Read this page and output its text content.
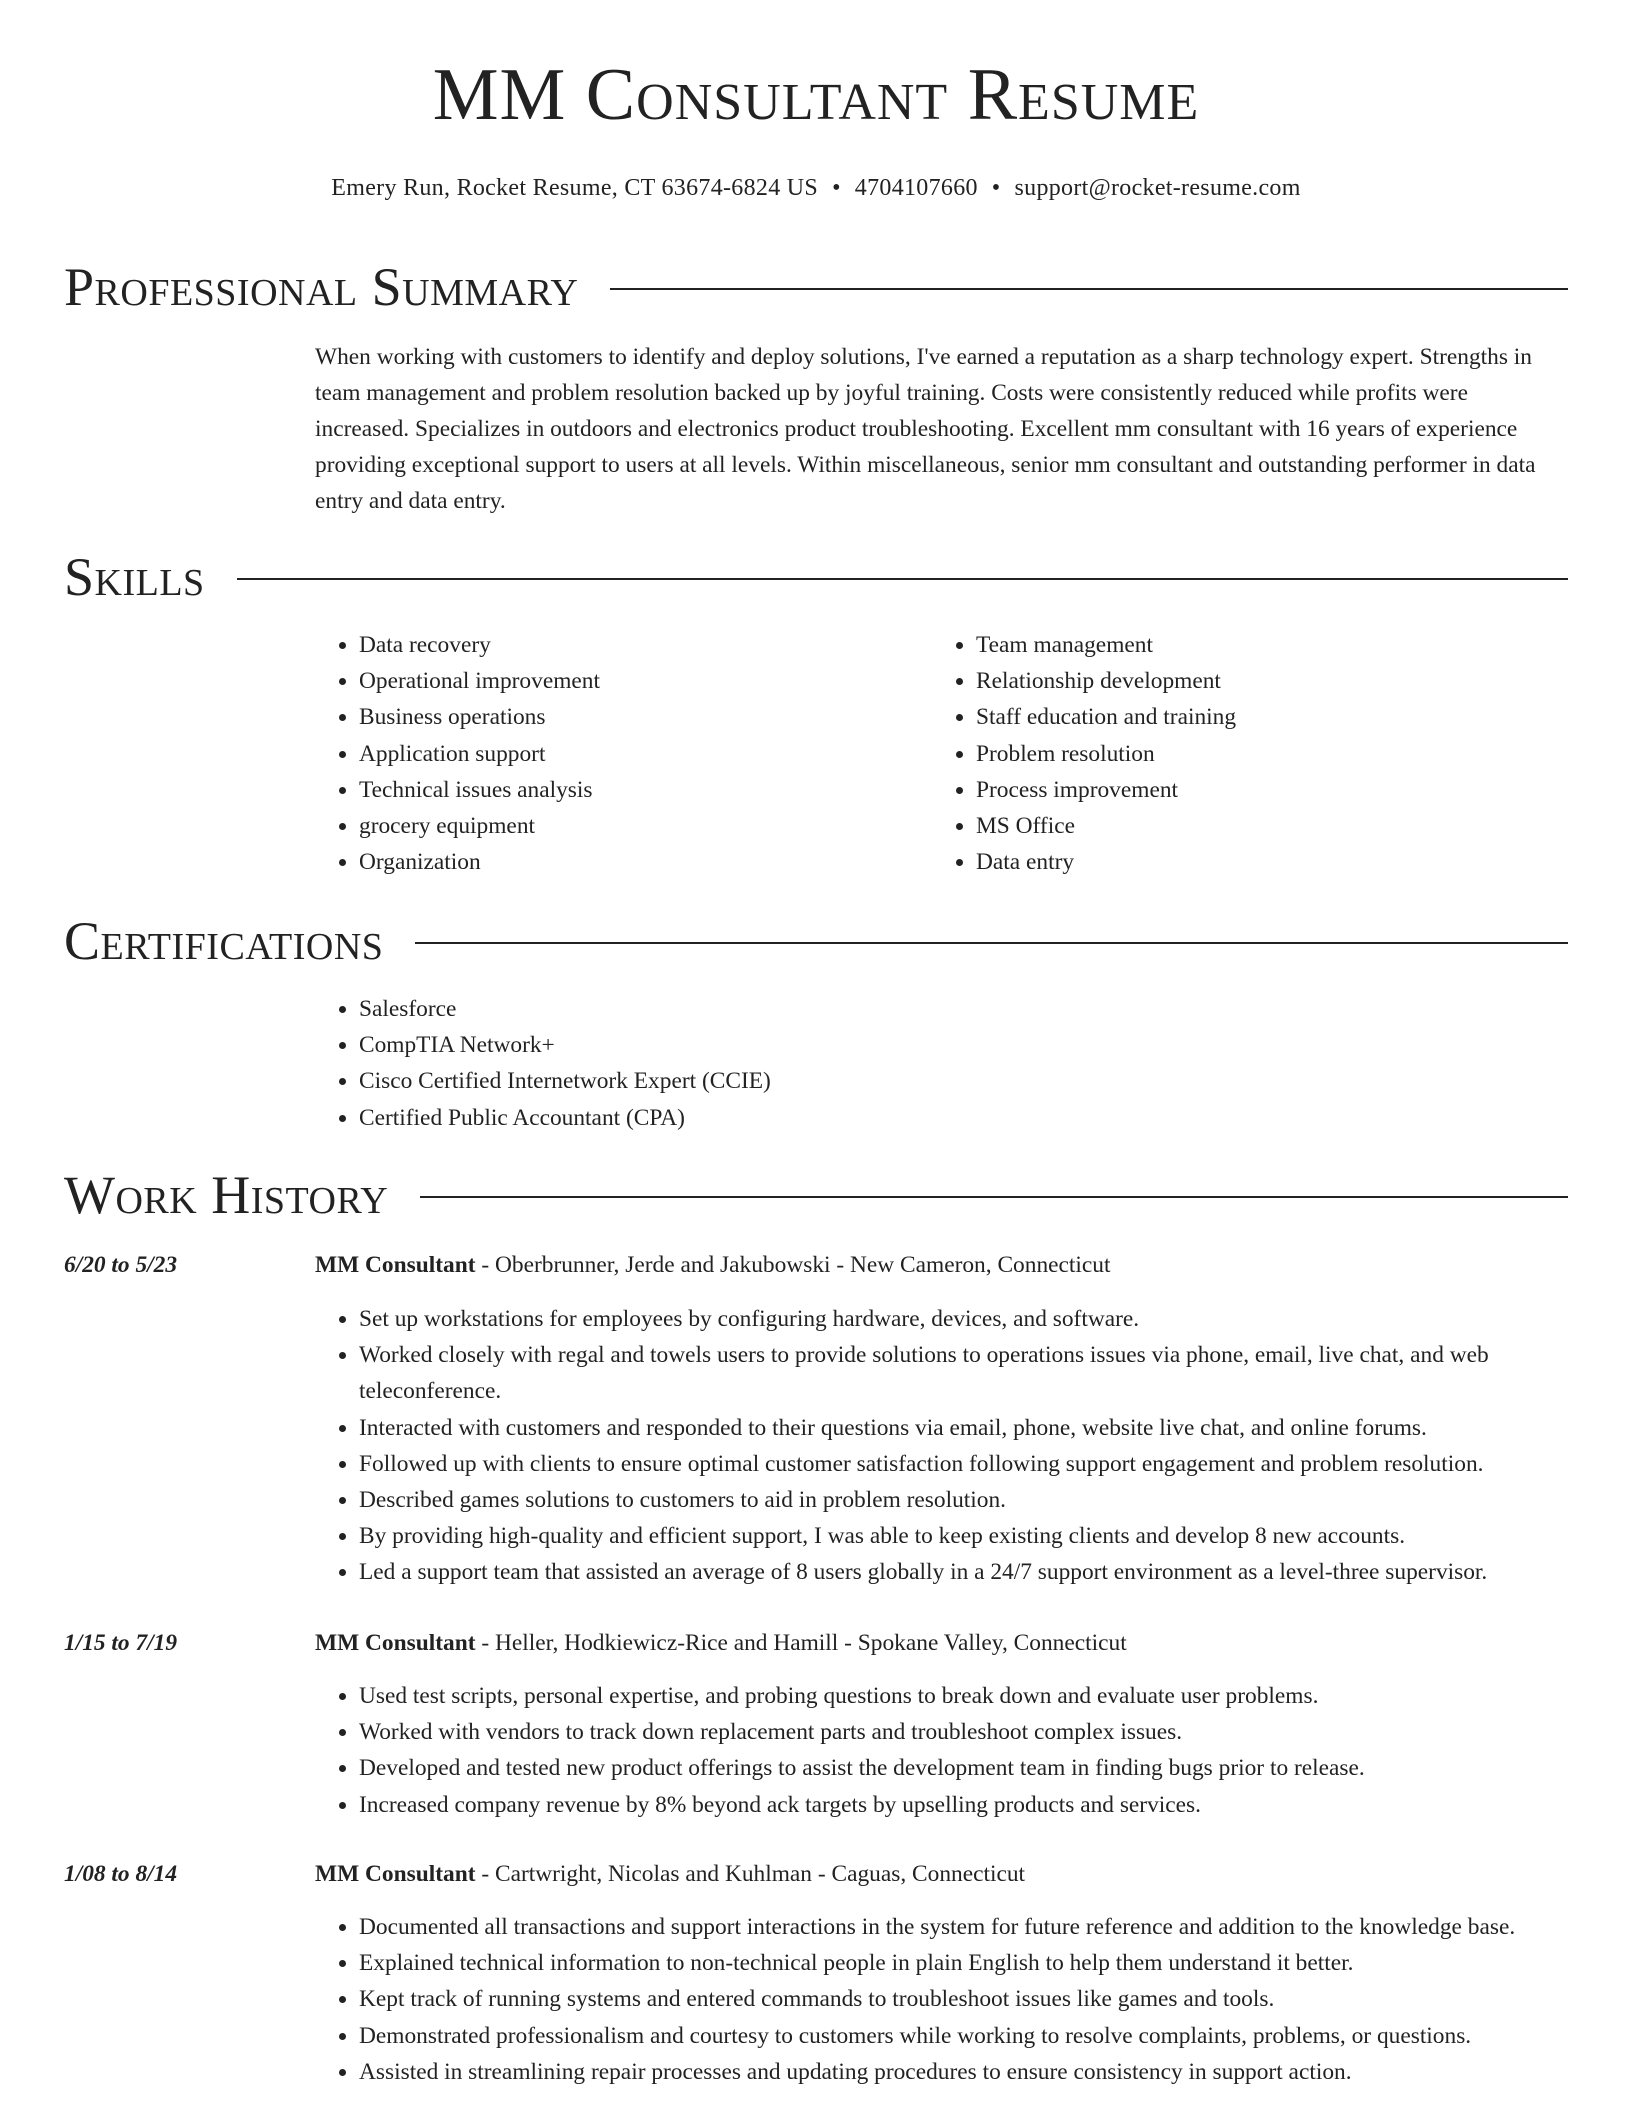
MM Consultant Resume
Emery Run, Rocket Resume, CT 63674-6824 US • 4704107660 • support@rocket-resume.com
Professional Summary

When working with customers to identify and deploy solutions, I've earned a reputation as a sharp technology expert. Strengths in team management and problem resolution backed up by joyful training. Costs were consistently reduced while profits were increased. Specializes in outdoors and electronics product troubleshooting. Excellent mm consultant with 16 years of experience providing exceptional support to users at all levels. Within miscellaneous, senior mm consultant and outstanding performer in data entry and data entry.

Skills
• Data recovery
• Operational improvement
• Business operations
• Application support
• Technical issues analysis
• grocery equipment
• Organization
• Team management
• Relationship development
• Staff education and training
• Problem resolution
• Process improvement
• MS Office
• Data entry
Certifications
• Salesforce
• CompTIA Network+
• Cisco Certified Internetwork Expert (CCIE)
• Certified Public Accountant (CPA)
Work History
6/20 to 5/23	MM Consultant - Oberbrunner, Jerde and Jakubowski - New Cameron, Connecticut
• Set up workstations for employees by configuring hardware, devices, and software.
• Worked closely with regal and towels users to provide solutions to operations issues via phone, email, live chat, and web teleconference.
• Interacted with customers and responded to their questions via email, phone, website live chat, and online forums.
• Followed up with clients to ensure optimal customer satisfaction following support engagement and problem resolution.
• Described games solutions to customers to aid in problem resolution.
• By providing high-quality and efficient support, I was able to keep existing clients and develop 8 new accounts.
• Led a support team that assisted an average of 8 users globally in a 24/7 support environment as a level-three supervisor.
1/15 to 7/19	MM Consultant - Heller, Hodkiewicz-Rice and Hamill - Spokane Valley, Connecticut
• Used test scripts, personal expertise, and probing questions to break down and evaluate user problems.
• Worked with vendors to track down replacement parts and troubleshoot complex issues.
• Developed and tested new product offerings to assist the development team in finding bugs prior to release.
• Increased company revenue by 8% beyond ack targets by upselling products and services.
1/08 to 8/14	MM Consultant - Cartwright, Nicolas and Kuhlman - Caguas, Connecticut
• Documented all transactions and support interactions in the system for future reference and addition to the knowledge base.
• Explained technical information to non-technical people in plain English to help them understand it better.
• Kept track of running systems and entered commands to troubleshoot issues like games and tools.
• Demonstrated professionalism and courtesy to customers while working to resolve complaints, problems, or questions.
• Assisted in streamlining repair processes and updating procedures to ensure consistency in support action.
